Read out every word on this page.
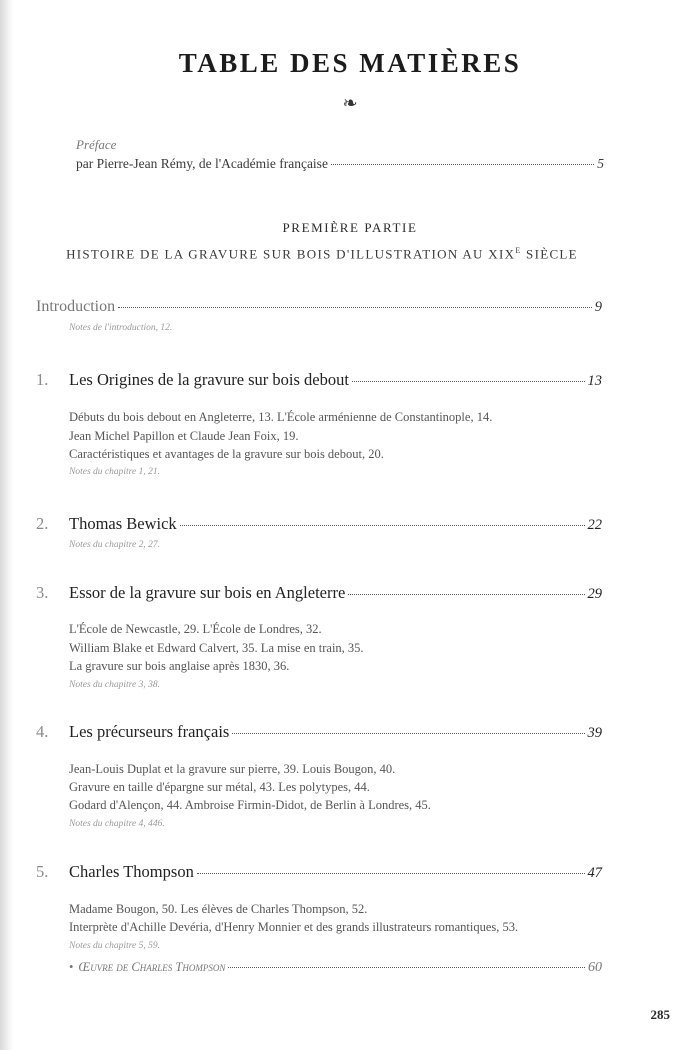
TABLE DES MATIÈRES
❧
Préface
par Pierre-Jean Rémy, de l'Académie française	5
PREMIÈRE PARTIE
HISTOIRE DE LA GRAVURE SUR BOIS D'ILLUSTRATION AU $XIX^E$ SIÈCLE
Introduction	9
Notes de l'introduction, 12.
1.	Les Origines de la gravure sur bois debout	13
Débuts du bois debout en Angleterre, 13. L'École arménienne de Constantinople, 14.
Jean Michel Papillon et Claude Jean Foix, 19.
Caractéristiques et avantages de la gravure sur bois debout, 20.
Notes du chapitre 1, 21.
2.	Thomas Bewick	22
Notes du chapitre 2, 27.
3.	Essor de la gravure sur bois en Angleterre	29
L'École de Newcastle, 29. L'École de Londres, 32.
William Blake et Edward Calvert, 35. La mise en train, 35.
La gravure sur bois anglaise après 1830, 36.
Notes du chapitre 3, 38.
4.	Les précurseurs français	39
Jean-Louis Duplat et la gravure sur pierre, 39. Louis Bougon, 40.
Gravure en taille d'épargne sur métal, 43. Les polytypes, 44.
Godard d'Alençon, 44. Ambroise Firmin-Didot, de Berlin à Londres, 45.
Notes du chapitre 4, 446.
5.	Charles Thompson	47
Madame Bougon, 50. Les élèves de Charles Thompson, 52.
Interprète d'Achille Devéria, d'Henry Monnier et des grands illustrateurs romantiques, 53.
Notes du chapitre 5, 59.
• Œuvre de Charles Thompson	60
285
